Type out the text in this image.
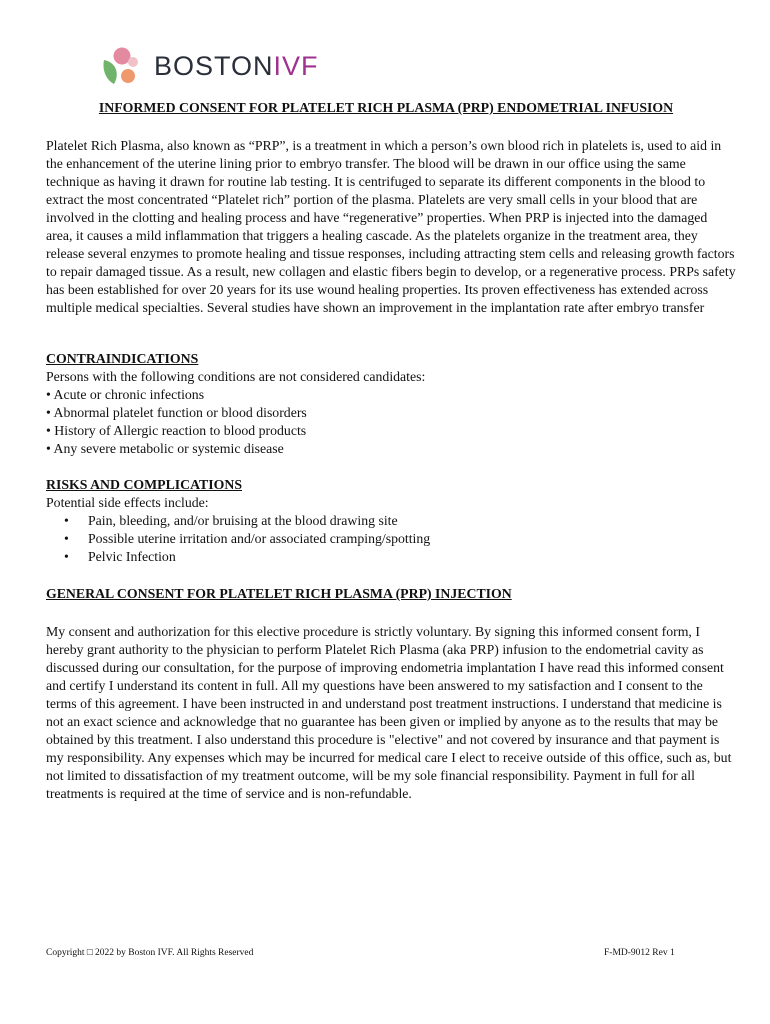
BOSTONIVF
INFORMED CONSENT FOR PLATELET RICH PLASMA (PRP) ENDOMETRIAL INFUSION

Platelet Rich Plasma, also known as “PRP”, is a treatment in which a person’s own blood rich in platelets is, used to aid in the enhancement of the uterine lining prior to embryo transfer. The blood will be drawn in our office using the same technique as having it drawn for routine lab testing. It is centrifuged to separate its different components in the blood to extract the most concentrated “Platelet rich” portion of the plasma. Platelets are very small cells in your blood that are involved in the clotting and healing process and have “regenerative” properties. When PRP is injected into the damaged area, it causes a mild inflammation that triggers a healing cascade. As the platelets organize in the treatment area, they release several enzymes to promote healing and tissue responses, including attracting stem cells and releasing growth factors to repair damaged tissue. As a result, new collagen and elastic fibers begin to develop, or a regenerative process. PRPs safety has been established for over 20 years for its use wound healing properties. Its proven effectiveness has extended across multiple medical specialties. Several studies have shown an improvement in the implantation rate after embryo transfer

CONTRAINDICATIONS

Persons with the following conditions are not considered candidates:
• Acute or chronic infections
• Abnormal platelet function or blood disorders
• History of Allergic reaction to blood products
• Any severe metabolic or systemic disease

RISKS AND COMPLICATIONS

Potential side effects include:
• Pain, bleeding, and/or bruising at the blood drawing site
• Possible uterine irritation and/or associated cramping/spotting
• Pelvic Infection

GENERAL CONSENT FOR PLATELET RICH PLASMA (PRP) INJECTION

My consent and authorization for this elective procedure is strictly voluntary. By signing this informed consent form, I hereby grant authority to the physician to perform Platelet Rich Plasma (aka PRP) infusion to the endometrial cavity as discussed during our consultation, for the purpose of improving endometria implantation I have read this informed consent and certify I understand its content in full. All my questions have been answered to my satisfaction and I consent to the terms of this agreement. I have been instructed in and understand post treatment instructions. I understand that medicine is not an exact science and acknowledge that no guarantee has been given or implied by anyone as to the results that may be obtained by this treatment. I also understand this procedure is "elective" and not covered by insurance and that payment is my responsibility. Any expenses which may be incurred for medical care I elect to receive outside of this office, such as, but not limited to dissatisfaction of my treatment outcome, will be my sole financial responsibility. Payment in full for all treatments is required at the time of service and is non-refundable.

Copyright □ 2022 by Boston IVF. All Rights Reserved	F-MD-9012 Rev 1
